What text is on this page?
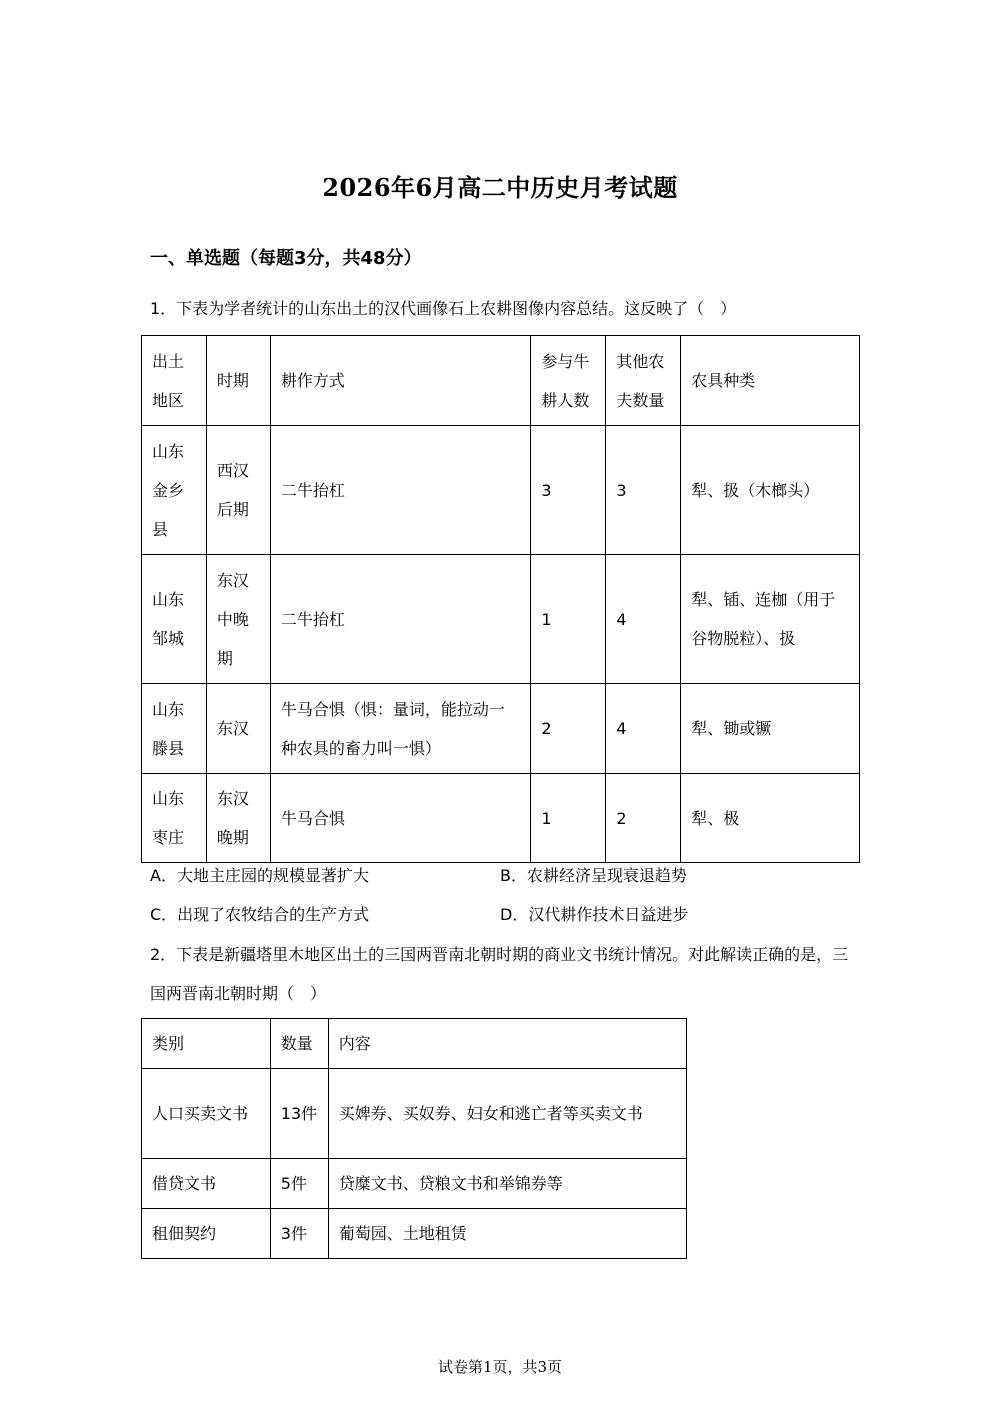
2026年6月高二中历史月考试题
一、单选题（每题3分，共48分）
1．下表为学者统计的山东出土的汉代画像石上农耕图像内容总结。这反映了（　）
出土地区	时期	耕作方式	参与牛耕人数	其他农夫数量	农具种类
山东金乡县	西汉后期	二牛抬杠	3	3	犁、扱（木榔头）
山东邹城	东汉中晚期	二牛抬杠	1	4	犁、锸、连枷（用于谷物脱粒）、扱
山东滕县	东汉	牛马合惧（惧：量词，能拉动一种农具的畜力叫一惧）	2	4	犁、锄或镢
山东枣庄	东汉晚期	牛马合惧	1	2	犁、极
A．大地主庄园的规模显著扩大	B．农耕经济呈现衰退趋势
C．出现了农牧结合的生产方式	D．汉代耕作技术日益进步
2．下表是新疆塔里木地区出土的三国两晋南北朝时期的商业文书统计情况。对此解读正确的是，三国两晋南北朝时期（　）
类别	数量	内容
人口买卖文书	13件	买婢券、买奴券、妇女和逃亡者等买卖文书
借贷文书	5件	贷糜文书、贷粮文书和举锦券等
租佃契约	3件	葡萄园、土地租赁
试卷第1页，共3页
